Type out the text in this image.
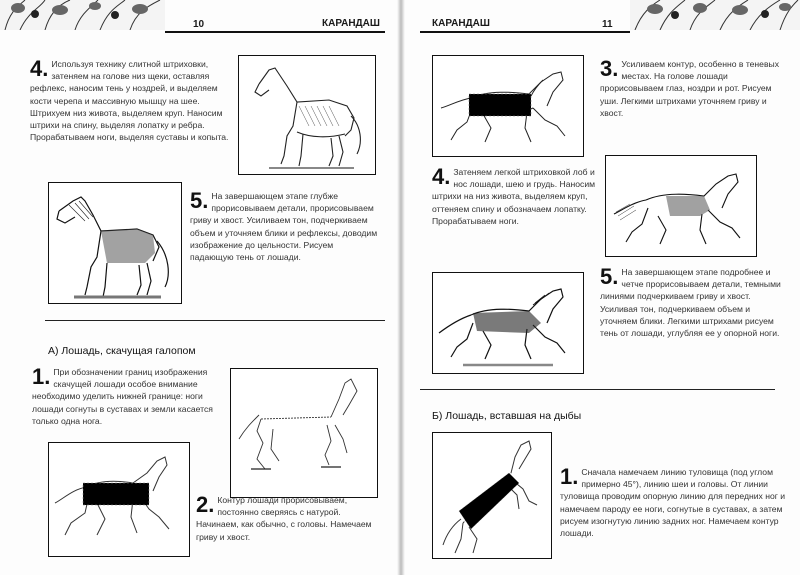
10	КАРАНДАШ
4. Используя технику слитной штриховки, затеняем на голове низ щеки, оставляя рефлекс, наносим тень у ноздрей, и выделяем кости черепа и массивную мышцу на шее. Штрихуем низ живота, выделяем круп. Наносим штрихи на спину, выделяя лопатку и ребра. Прорабатываем ноги, выделяя суставы и копыта.
5. На завершающем этапе глубже прорисовываем детали, прорисовываем гриву и хвост. Усиливаем тон, подчеркиваем объем и уточняем блики и рефлексы, доводим изображение до цельности. Рисуем падающую тень от лошади.
А) Лошадь, скачущая галопом
1. При обозначении границ изображения скачущей лошади особое внимание необходимо уделить нижней границе: ноги лошади согнуты в суставах и земли касается только одна нога.
2. Контур лошади прорисовываем, постоянно сверяясь с натурой. Начинаем, как обычно, с головы. Намечаем гриву и хвост.
КАРАНДАШ	11
3. Усиливаем контур, особенно в теневых местах. На голове лошади прорисовываем глаз, ноздри и рот. Рисуем уши. Легкими штрихами уточняем гриву и хвост.
4. Затеняем легкой штриховкой лоб и нос лошади, шею и грудь. Наносим штрихи на низ живота, выделяем круп, оттеняем спину и обозначаем лопатку. Прорабатываем ноги.
5. На завершающем этапе подробнее и четче прорисовываем детали, темными линиями подчеркиваем гриву и хвост. Усиливая тон, подчеркиваем объем и уточняем блики. Легкими штрихами рисуем тень от лошади, углубляя ее у опорной ноги.
Б) Лошадь, вставшая на дыбы
1. Сначала намечаем линию туловища (под углом примерно 45°), линию шеи и головы. От линии туловища проводим опорную линию для передних ног и намечаем пароду ее ноги, согнутые в суставах, а затем рисуем изогнутую линию задних ног. Намечаем контур лошади.
